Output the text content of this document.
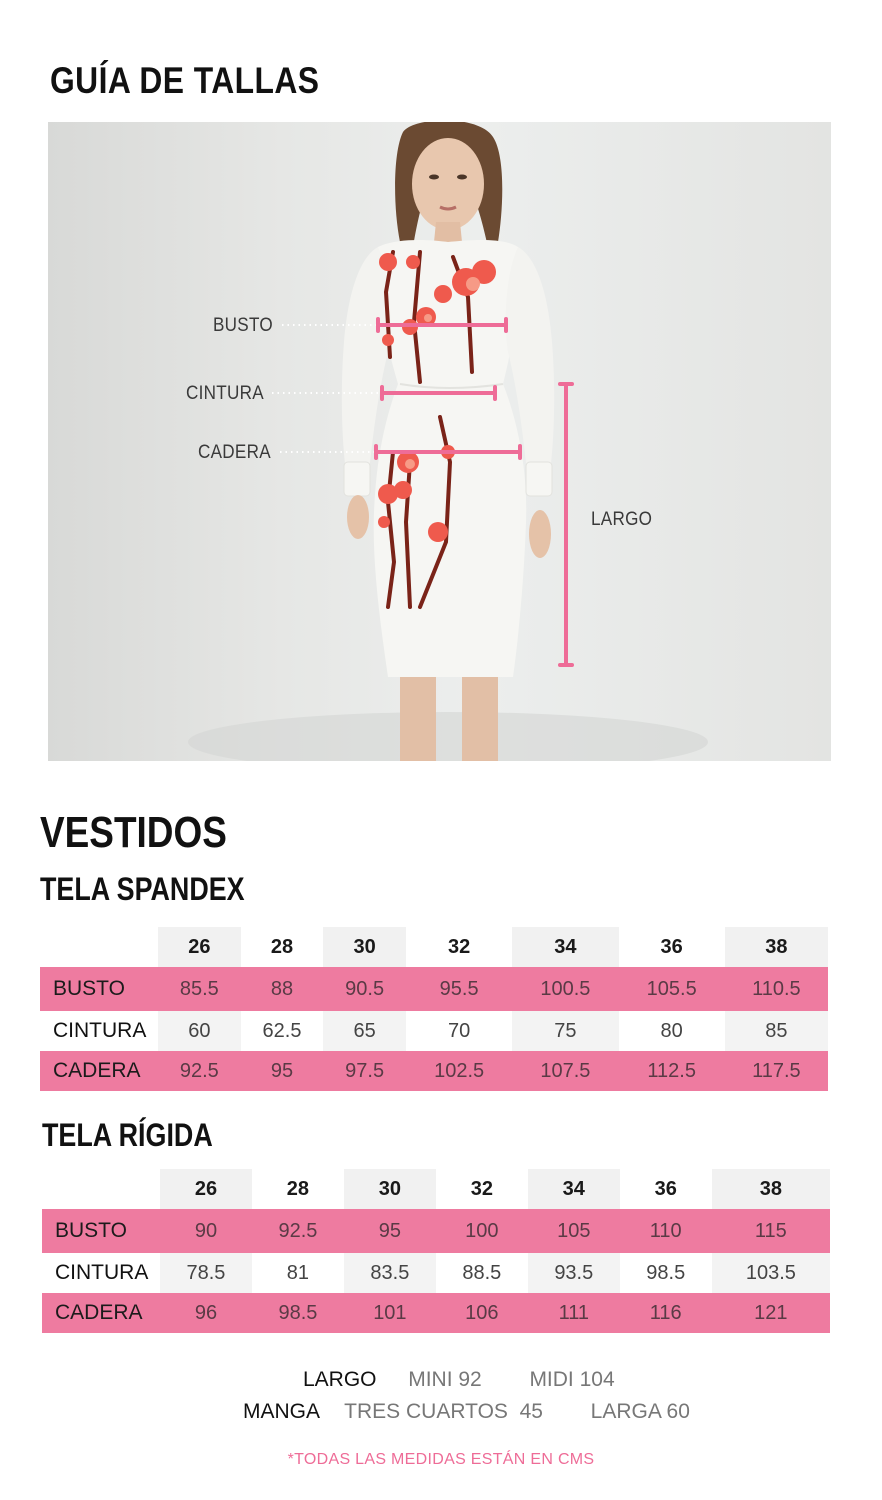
GUÍA DE TALLAS
BUSTO
CINTURA
CADERA
LARGO
VESTIDOS
TELA SPANDEX
	26	28	30	32	34	36	38
BUSTO	85.5	88	90.5	95.5	100.5	105.5	110.5
CINTURA	60	62.5	65	70	75	80	85
CADERA	92.5	95	97.5	102.5	107.5	112.5	117.5
TELA RÍGIDA
	26	28	30	32	34	36	38
BUSTO	90	92.5	95	100	105	110	115
CINTURA	78.5	81	83.5	88.5	93.5	98.5	103.5
CADERA	96	98.5	101	106	111	116	121
LARGO MINI 92 MIDI 104
MANGA TRES CUARTOS  45 LARGA 60
*TODAS LAS MEDIDAS ESTÁN EN CMS
